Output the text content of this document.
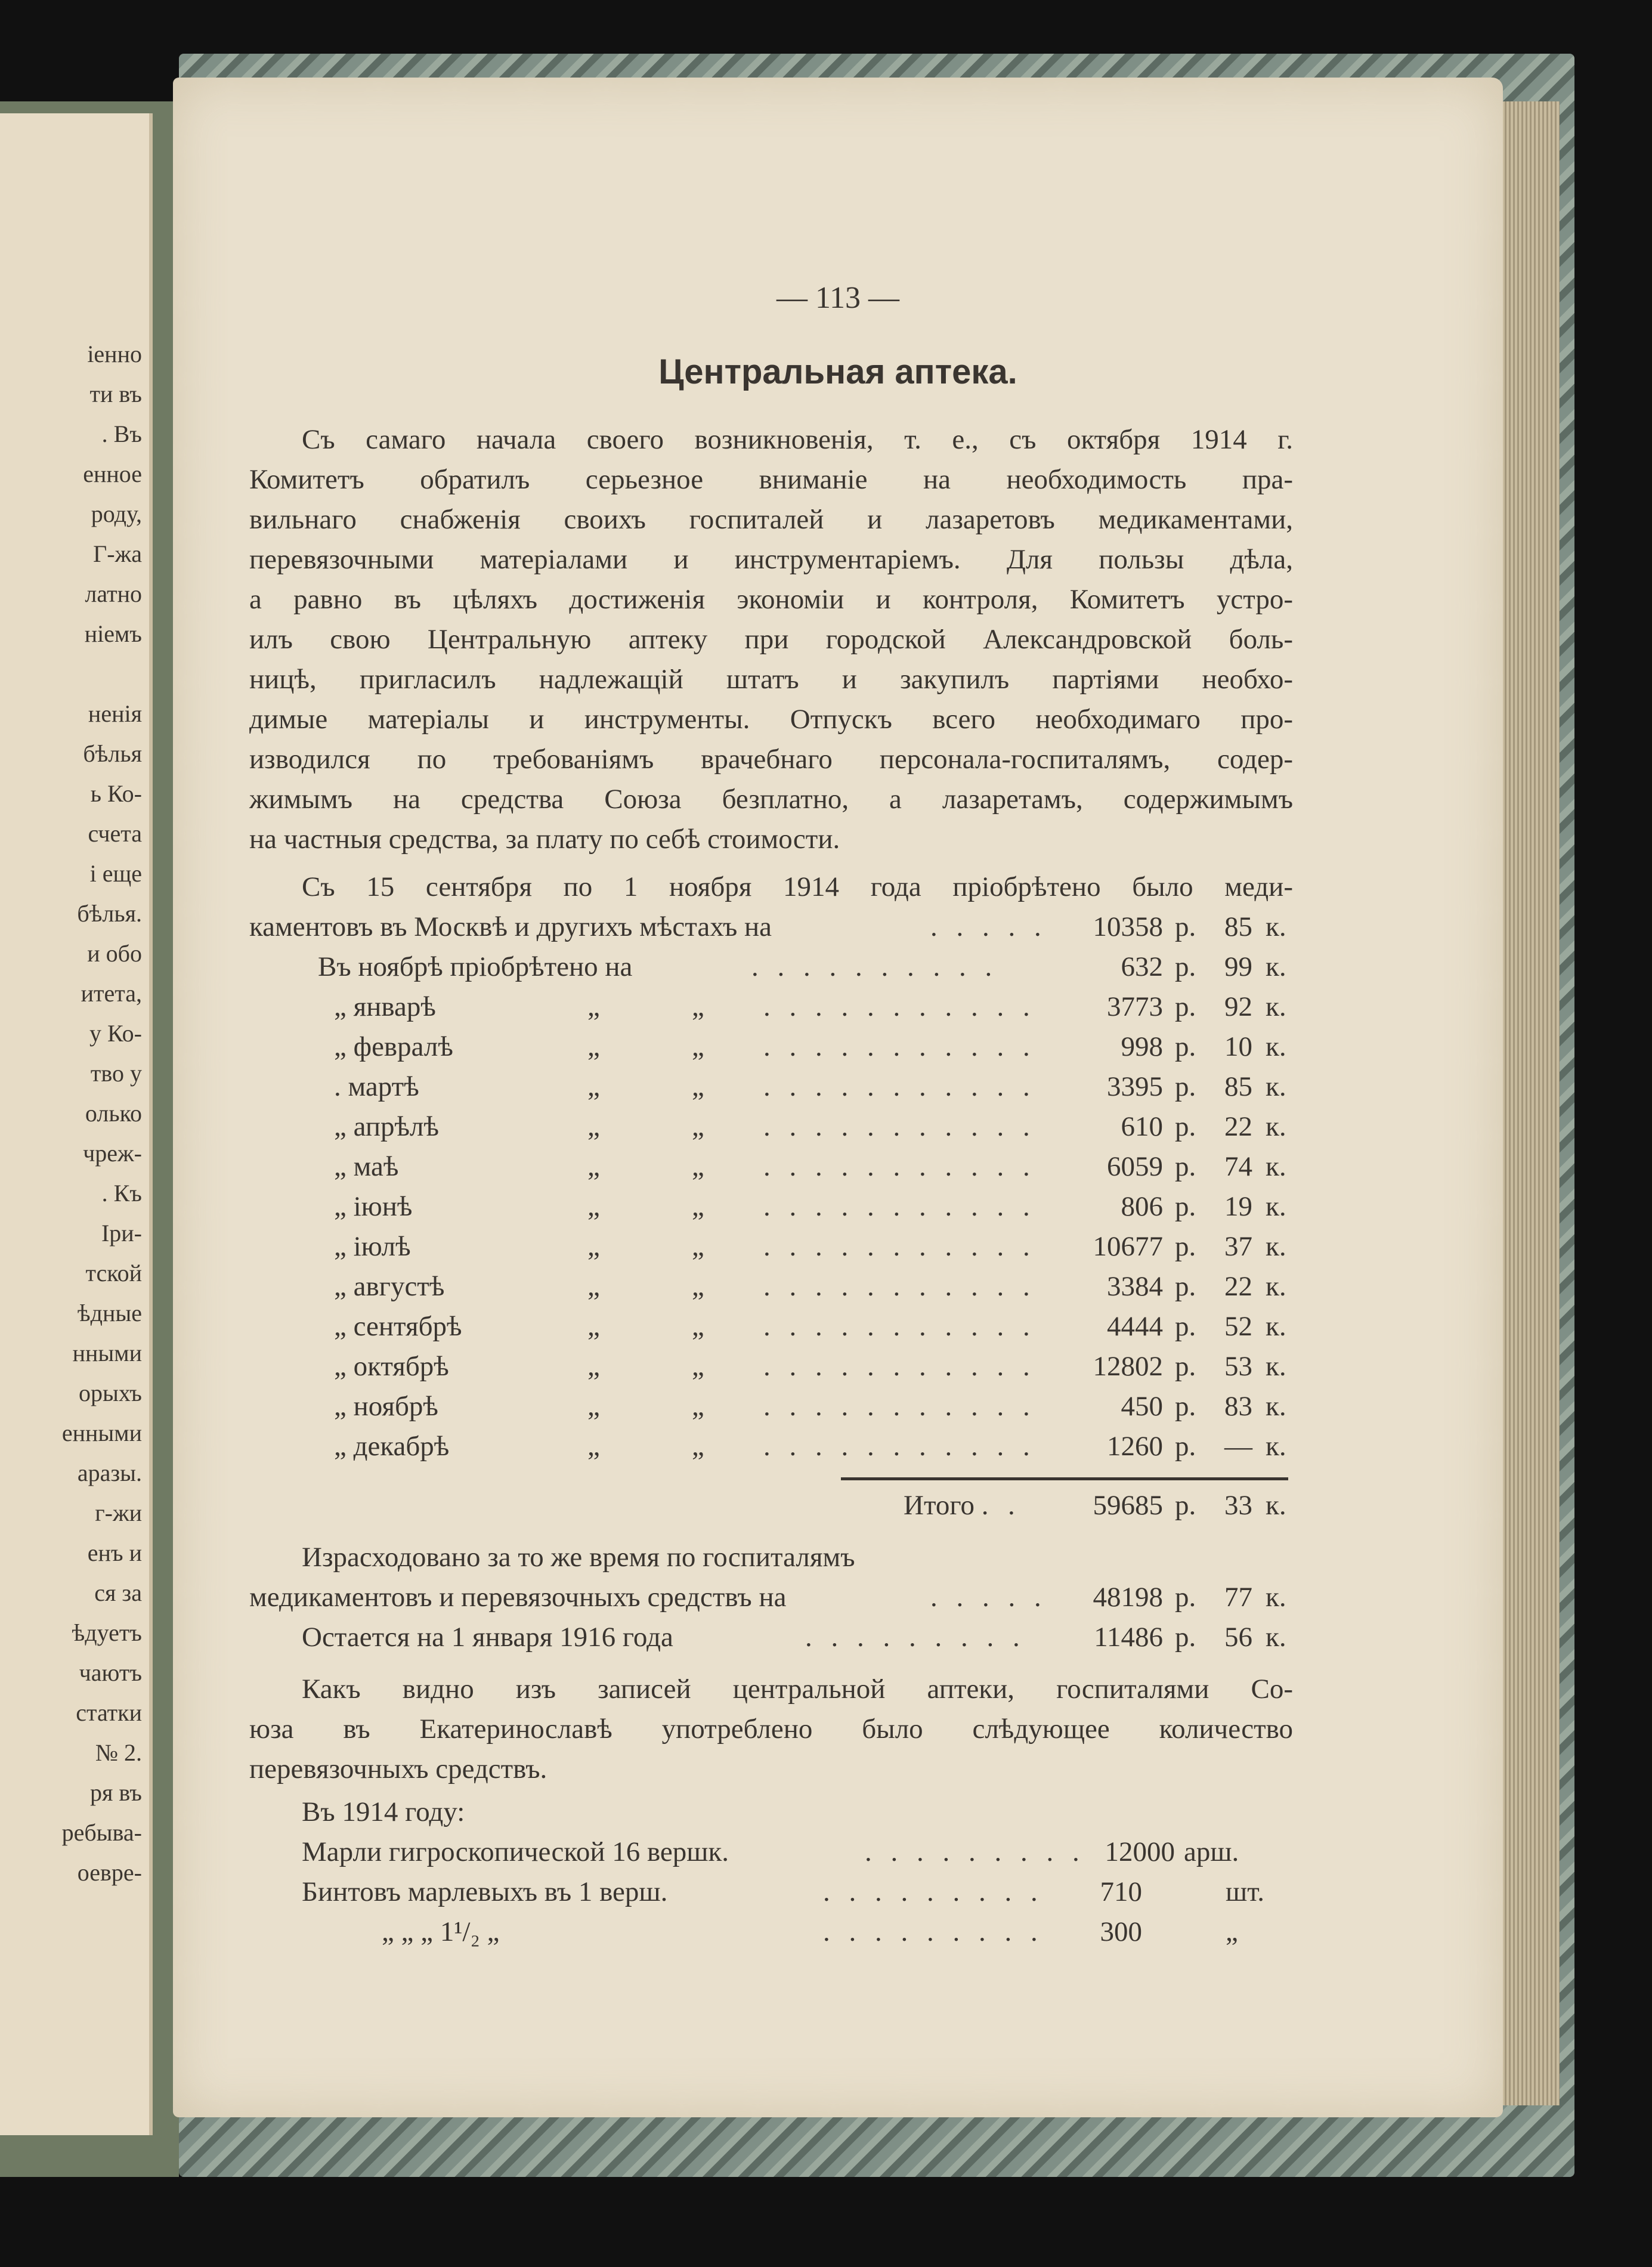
іенно
ти въ
. Въ
енное
роду,
Г-жа
латно
ніемъ
ненія
бѣлья
ь Ко-
счета
і еще
бѣлья.
и обо
итета,
у Ко-
тво у
олько
чреж-
. Къ
Іри-
тской
ѣдные
нными
орыхъ
енными
аразы.
г-жи
енъ и
ся за
ѣдуетъ
чаютъ
статки
№ 2.
ря въ
ребыва-
оевре-
— 113 —
Центральная аптека.
Съ самаго начала своего возникновенія, т. е., съ октября 1914 г.
Комитетъ обратилъ серьезное вниманіе на необходимость пра-
вильнаго снабженія своихъ госпиталей и лазаретовъ медикаментами,
перевязочными матеріалами и инструментаріемъ. Для пользы дѣла,
а равно въ цѣляхъ достиженія экономіи и контроля, Комитетъ устро-
илъ свою Центральную аптеку при городской Александровской боль-
ницѣ, пригласилъ надлежащій штатъ и закупилъ партіями необхо-
димые матеріалы и инструменты. Отпускъ всего необходимаго про-
изводился по требованіямъ врачебнаго персонала-госпиталямъ, содер-
жимымъ на средства Союза безплатно, а лазаретамъ, содержимымъ
на частныя средства, за плату по себѣ стоимости.
Съ 15 сентября по 1 ноября 1914 года пріобрѣтено было меди-
каментовъ въ Москвѣ и другихъ мѣстахъ на	. . . . . 10358 р. 85 к.
Въ ноябрѣ пріобрѣтено на	. . . . . . . . . .	632 р. 99 к.
„ январѣ	„	„ . . . . . . . . . . .	3773 р. 92 к.
„ февралѣ	„	„ . . . . . . . . . . .	998 р. 10 к.
. мартѣ	„	„ . . . . . . . . . . .	3395 р. 85 к.
„ апрѣлѣ	„	„ . . . . . . . . . . .	610 р. 22 к.
„ маѣ	„	„ . . . . . . . . . . .	6059 р. 74 к.
„ іюнѣ	„	„ . . . . . . . . . . .	806 р. 19 к.
„ іюлѣ	„	„ . . . . . . . . . . . 10677 р. 37 к.
„ августѣ	„	„ . . . . . . . . . . .	3384 р. 22 к.
„ сентябрѣ	„	„ . . . . . . . . . . .	4444 р. 52 к.
„ октябрѣ	„	„ . . . . . . . . . . . 12802 р. 53 к.
„ ноябрѣ	„	„ . . . . . . . . . . .	450 р. 83 к.
„ декабрѣ	„	„ . . . . . . . . . . .	1260 р. — к.
Итого . .	59685 р. 33 к.
Израсходовано за то же время по госпиталямъ
медикаментовъ и перевязочныхъ средствъ на	. . . . . 48198 р. 77 к.
Остается на 1 января 1916 года	. . . . . . . . . 11486 р. 56 к.
Какъ видно изъ записей центральной аптеки, госпиталями Со-
юза въ Екатеринославѣ употреблено было слѣдующее количество
перевязочныхъ средствъ.
Въ 1914 году:
Марли гигроскопической 16 вершк.	. . . . . . . . . 12000 арш.
Бинтовъ марлевыхъ въ 1 верш.	. . . . . . . . . 710	шт.
„ „ „ 1¹/₂ „	. . . . . . . . . 300	„
